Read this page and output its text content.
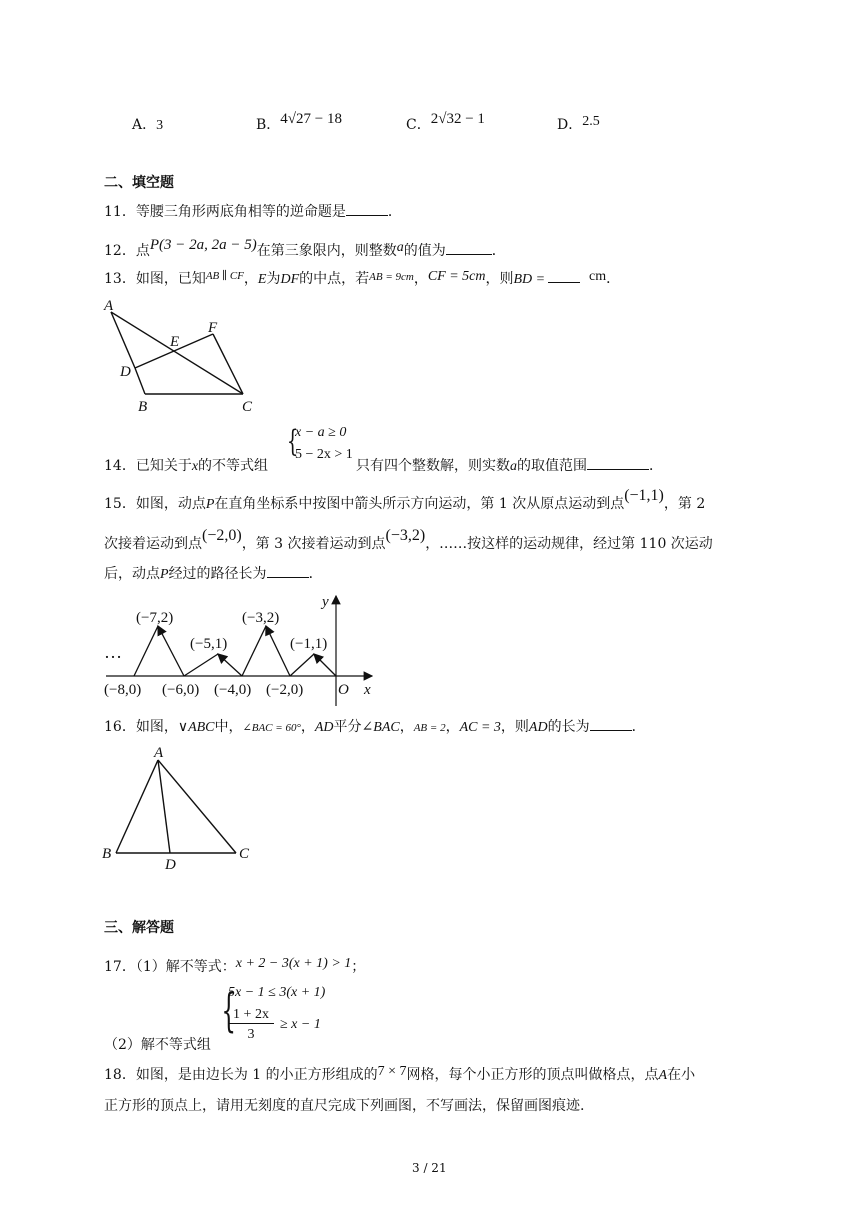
A．3	B．4√27 − 18	C．2√32 − 1	D．2.5
二、填空题
11．等腰三角形两底角相等的逆命题是	．
12．点P(3 − 2a, 2a − 5)在第三象限内，则整数a的值为	．
13．如图，已知$^{AB \parallel CF}$，E为DF的中点，若$^{AB = 9cm}$，CF = 5cm，则BD =	cm．
A
E
F
D
B	C
14．已知关于x的不等式组
{
x − a ≥ 0
5 − 2x > 1
只有四个整数解，则实数a的取值范围	．
15．如图，动点P在直角坐标系中按图中箭头所示方向运动，第 1 次从原点运动到点(−1,1)，第 2
次接着运动到点(−2,0)，第 3 次接着运动到点(−3,2)，……按这样的运动规律，经过第 110 次运动
后，动点P经过的路径长为	．
…
y
x
O
(−7,2)
(−5,1)
(−3,2)
(−1,1)
(−8,0) (−6,0) (−4,0) (−2,0)
16．如图，∨ABC中，∠BAC = 60°，AD平分∠BAC，AB = 2，AC = 3，则AD的长为	．
A
B	C
D
三、解答题
17．（1）解不等式：x + 2 − 3(x + 1) > 1；
（2）解不等式组
{
5x − 1 ≤ 3(x + 1)
1 + 2x
3
≥ x − 1
18．如图，是由边长为 1 的小正方形组成的7 × 7网格，每个小正方形的顶点叫做格点，点A在小
正方形的顶点上，请用无刻度的直尺完成下列画图，不写画法，保留画图痕迹.
3 / 21
